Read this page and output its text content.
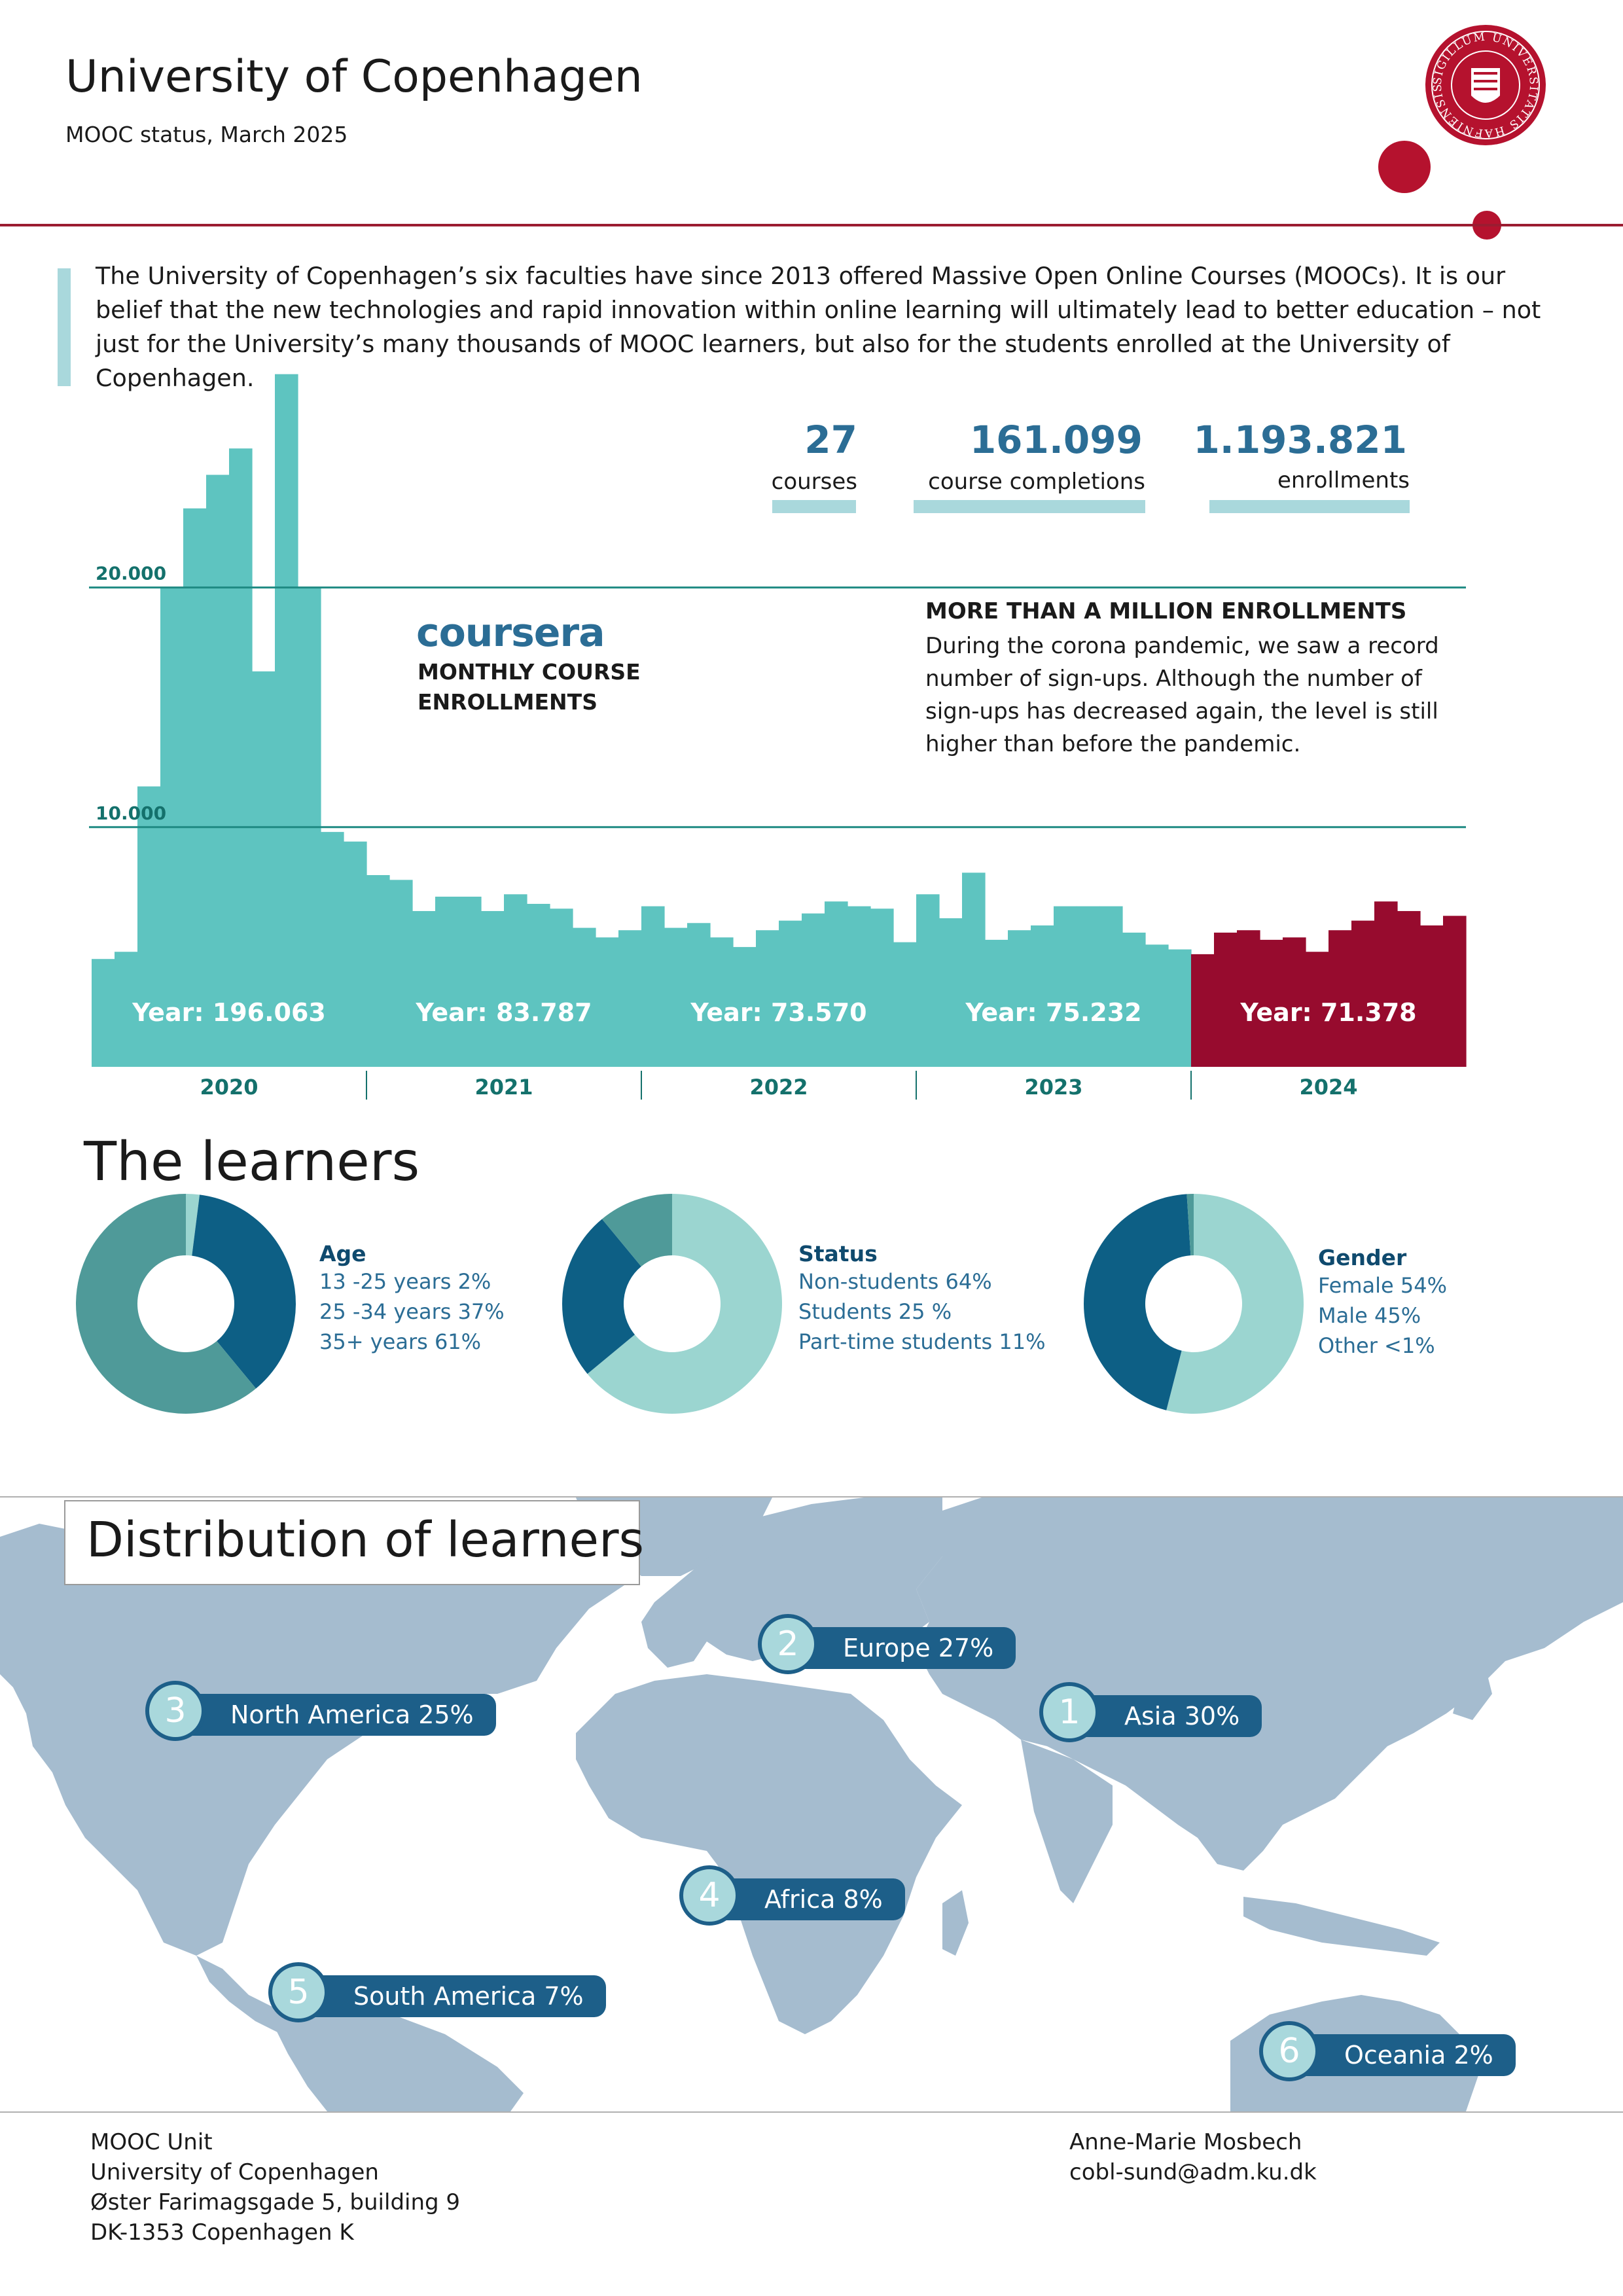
University of Copenhagen
MOOC status, March 2025
SIGILLUM UNIVERSITATIS HAFNIENSIS
The University of Copenhagen’s six faculties have since 2013 offered Massive Open Online Courses (MOOCs). It is our belief that the new technologies and rapid innovation within online learning will ultimately lead to better education – not just for the University’s many thousands of MOOC learners, but also for the students enrolled at the University of Copenhagen.
10.000
20.000
Year: 196.063
2020
Year: 83.787
2021
Year: 73.570
2022
Year: 75.232
2023
Year: 71.378
2024
27
courses
161.099
course completions
1.193.821
enrollments
coursera
MONTHLY COURSE ENROLLMENTS
MORE THAN A MILLION ENROLLMENTS
During the corona pandemic, we saw a record number of sign-ups. Although the number of sign-ups has decreased again, the level is still higher than before the pandemic.
The learners
Age
13 -25 years 2%
25 -34 years 37%
35+ years 61%
Status
Non-students 64%
Students 25 %
Part-time students 11%
Gender
Female 54%
Male 45%
Other <1%
Distribution of learners
Asia 30%
1
Europe 27%
2
North America 25%
3
Africa 8%
4
South America 7%
5
Oceania 2%
6
MOOC Unit
University of Copenhagen
Øster Farimagsgade 5, building 9
DK-1353 Copenhagen K
Anne-Marie Mosbech
cobl-sund@adm.ku.dk
